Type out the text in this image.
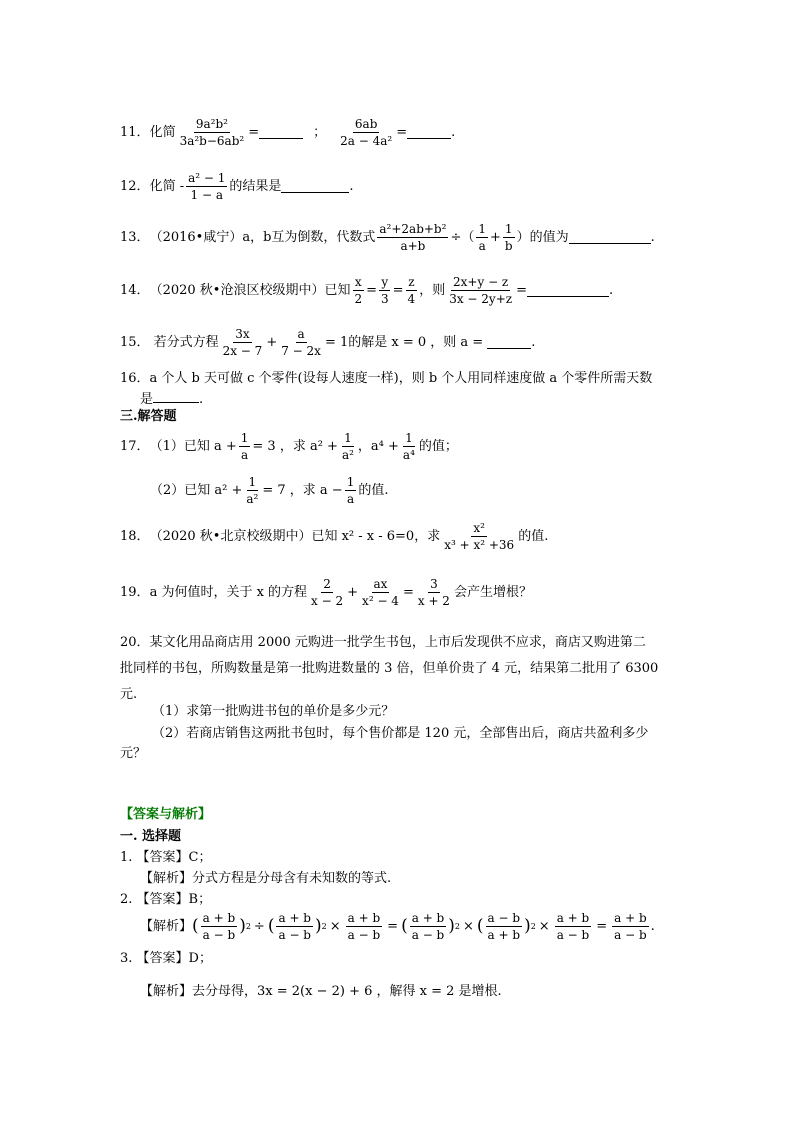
11 ． 化简 $\frac{\text{9a²b²}}{\text{3a²b−6ab²}}$ =	； $\frac{6ab}{\text{2a − 4a²}}$ =	.
12 ． 化简 - $\frac{\text{a² − 1}}{1 - a}$ 的结果是	.
13 ． （2016•咸宁）a，b互为倒数，代数式 $\frac{\text{a²+2ab+b²}}{a+b}$ ÷（ $\frac{1}{a} + \frac{1}{b}$ ）的值为	.
14 ． （2020 秋•沧浪区校级期中）已知 $\frac{x}{2} = \frac{y}{3} = \frac{z}{4}$ ，则 $\frac{2x+y - z}{3x - 2y+z}$ =	.
15 ． 若分式方程 $\frac{3x}{2x - 7} + \frac{a}{7 - 2x} = 1$的解是 x = 0 ，则 a =	.
16．a 个人 b 天可做 c 个零件(设每人速度一样)，则 b 个人用同样速度做 a 个零件所需天数
是	.
三.解答题
17 ． （1）已知 $a + \frac{1}{a} = 3$ ，求 $a^2 + \frac{1}{\text{a²}}$ ，$a^4 + \frac{1}{\text{a⁴}}$ 的值；
（2）已知 $a^2 + \frac{1}{\text{a²}} = 7$ ，求 $a - \frac{1}{a}$ 的值.
18 ． （2020 秋•北京校级期中）已知 x² - x - 6=0，求 $\frac{\text{x²}}{\text{x³ + x² +36}}$ 的值.
19 ． a 为何值时，关于 x 的方程 $\frac{2}{x - 2} + \frac{ax}{\text{x² − 4}} = \frac{3}{x + 2}$ 会产生增根？
20．某文化用品商店用 2000 元购进一批学生书包，上市后发现供不应求，商店又购进第二
批同样的书包，所购数量是第一批购进数量的 3 倍，但单价贵了 4 元，结果第二批用了 6300
元.
（1）求第一批购进书包的单价是多少元？
（2）若商店销售这两批书包时，每个售价都是 120 元，全部售出后，商店共盈利多少
元？
【答案与解析】
一. 选择题
1. 【答案】C；
【解析】分式方程是分母含有未知数的等式.
2. 【答案】B；
【解析】 ( $\frac{a + b}{a - b}$ ) 2 ÷ ( $\frac{a + b}{a - b}$ ) $2 \times \frac{a + b}{a - b}$ = ( $\frac{a + b}{a - b}$ ) 2 × ( $\frac{a - b}{a + b}$ ) $2 \times \frac{a + b}{a - b} = \frac{a + b}{a - b}$ .
3. 【答案】D；
【解析】去分母得，3x = 2(x − 2) + 6 ，解得 x = 2 是增根.
